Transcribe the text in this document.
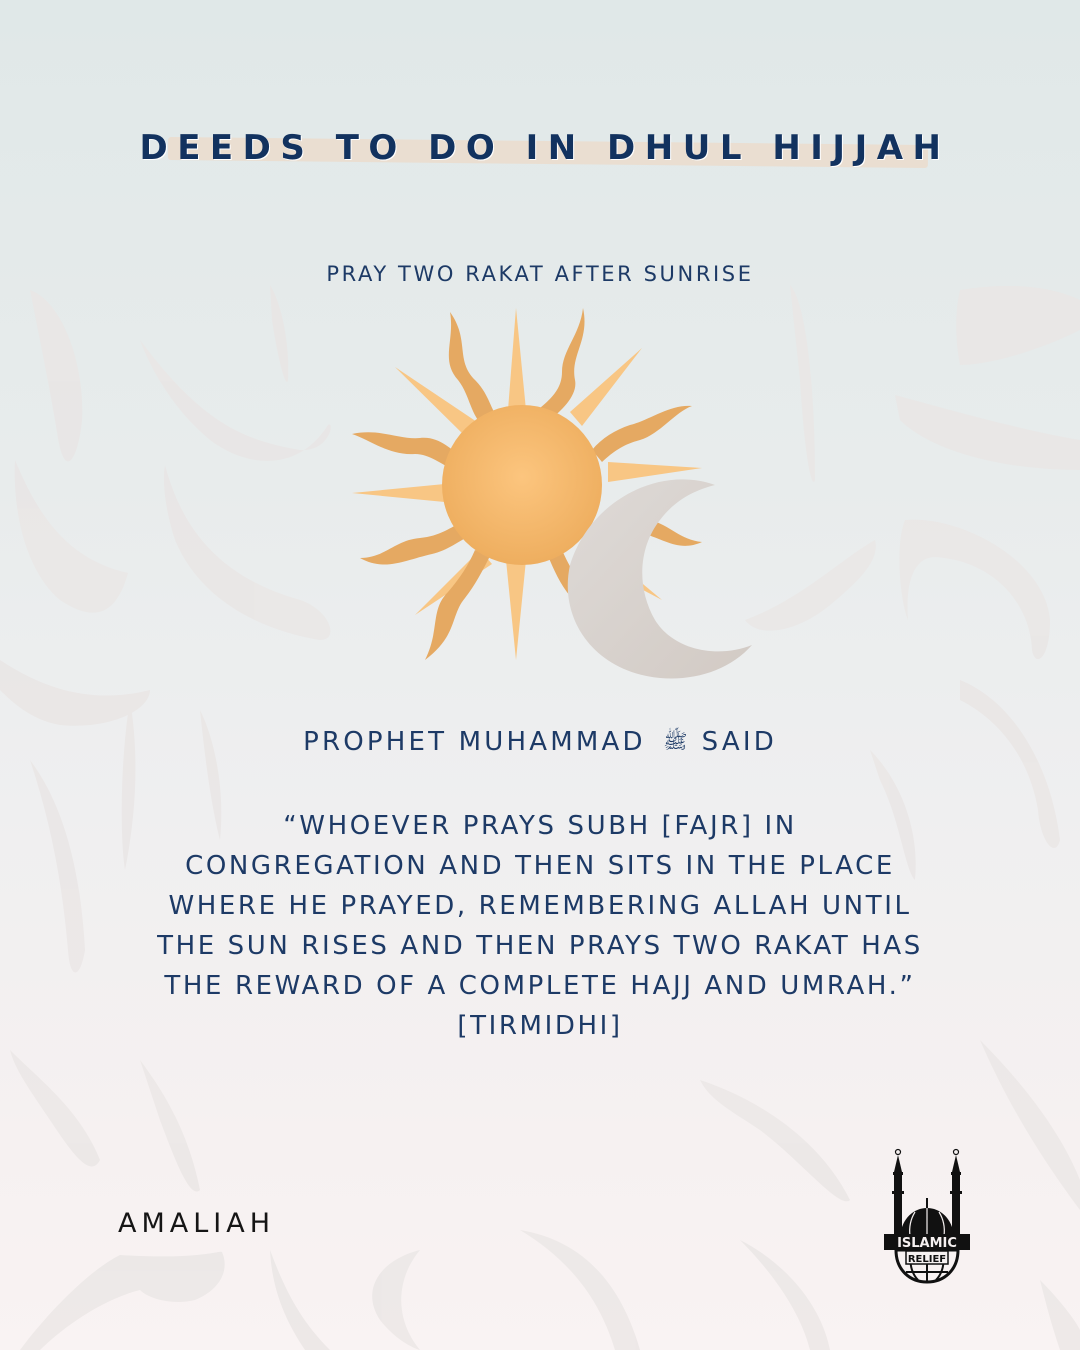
DEEDS TO DO IN DHUL HIJJAH
PRAY TWO RAKAT AFTER SUNRISE
PROPHET MUHAMMAD ﷺ SAID
“WHOEVER PRAYS SUBH [FAJR] IN
CONGREGATION AND THEN SITS IN THE PLACE
WHERE HE PRAYED, REMEMBERING ALLAH UNTIL
THE SUN RISES AND THEN PRAYS TWO RAKAT HAS
THE REWARD OF A COMPLETE HAJJ AND UMRAH.”
[TIRMIDHI]
AMALIAH
ISLAMIC
RELIEF
